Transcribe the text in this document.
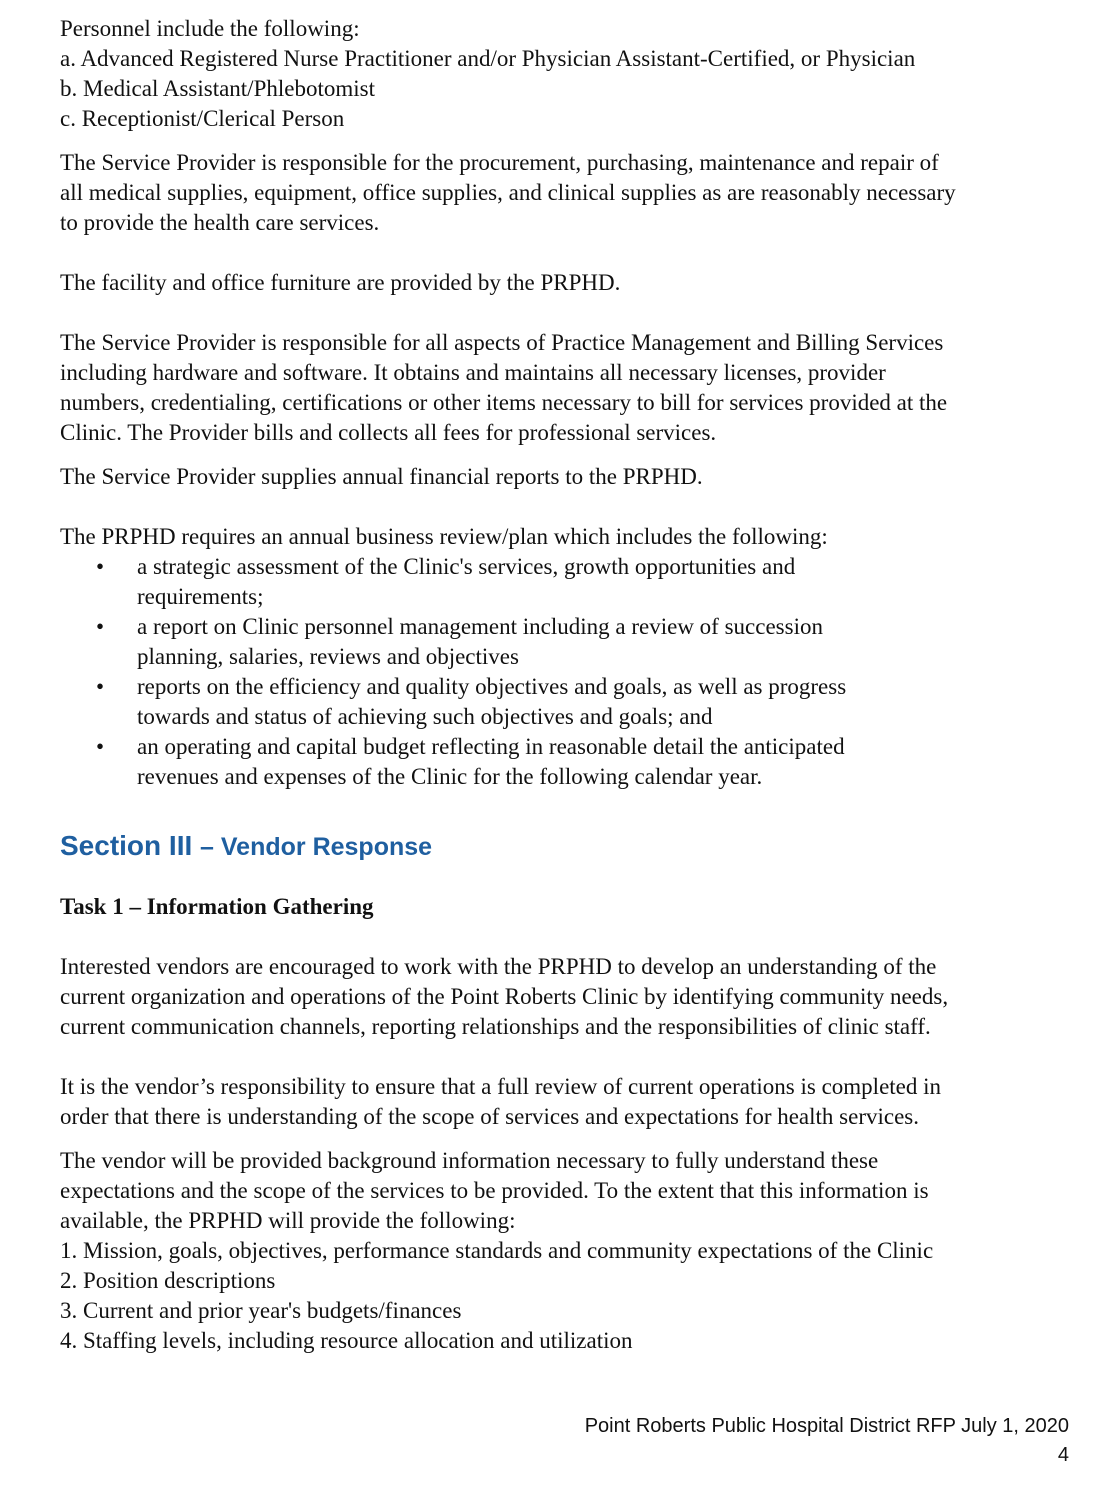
Personnel include the following:
a. Advanced Registered Nurse Practitioner and/or Physician Assistant-Certified, or Physician
b. Medical Assistant/Phlebotomist
c. Receptionist/Clerical Person
The Service Provider is responsible for the procurement, purchasing, maintenance and repair of
all medical supplies, equipment, office supplies, and clinical supplies as are reasonably necessary
to provide the health care services.
The facility and office furniture are provided by the PRPHD.
The Service Provider is responsible for all aspects of Practice Management and Billing Services
including hardware and software. It obtains and maintains all necessary licenses, provider
numbers, credentialing, certifications or other items necessary to bill for services provided at the
Clinic. The Provider bills and collects all fees for professional services.
The Service Provider supplies annual financial reports to the PRPHD.
The PRPHD requires an annual business review/plan which includes the following:
• a strategic assessment of the Clinic's services, growth opportunities and
requirements;
• a report on Clinic personnel management including a review of succession
planning, salaries, reviews and objectives
• reports on the efficiency and quality objectives and goals, as well as progress
towards and status of achieving such objectives and goals; and
• an operating and capital budget reflecting in reasonable detail the anticipated
revenues and expenses of the Clinic for the following calendar year.
Section III – Vendor Response
Task 1 – Information Gathering
Interested vendors are encouraged to work with the PRPHD to develop an understanding of the
current organization and operations of the Point Roberts Clinic by identifying community needs,
current communication channels, reporting relationships and the responsibilities of clinic staff.
It is the vendor’s responsibility to ensure that a full review of current operations is completed in
order that there is understanding of the scope of services and expectations for health services.
The vendor will be provided background information necessary to fully understand these
expectations and the scope of the services to be provided. To the extent that this information is
available, the PRPHD will provide the following:
1. Mission, goals, objectives, performance standards and community expectations of the Clinic
2. Position descriptions
3. Current and prior year's budgets/finances
4. Staffing levels, including resource allocation and utilization
Point Roberts Public Hospital District RFP July 1, 2020
4
